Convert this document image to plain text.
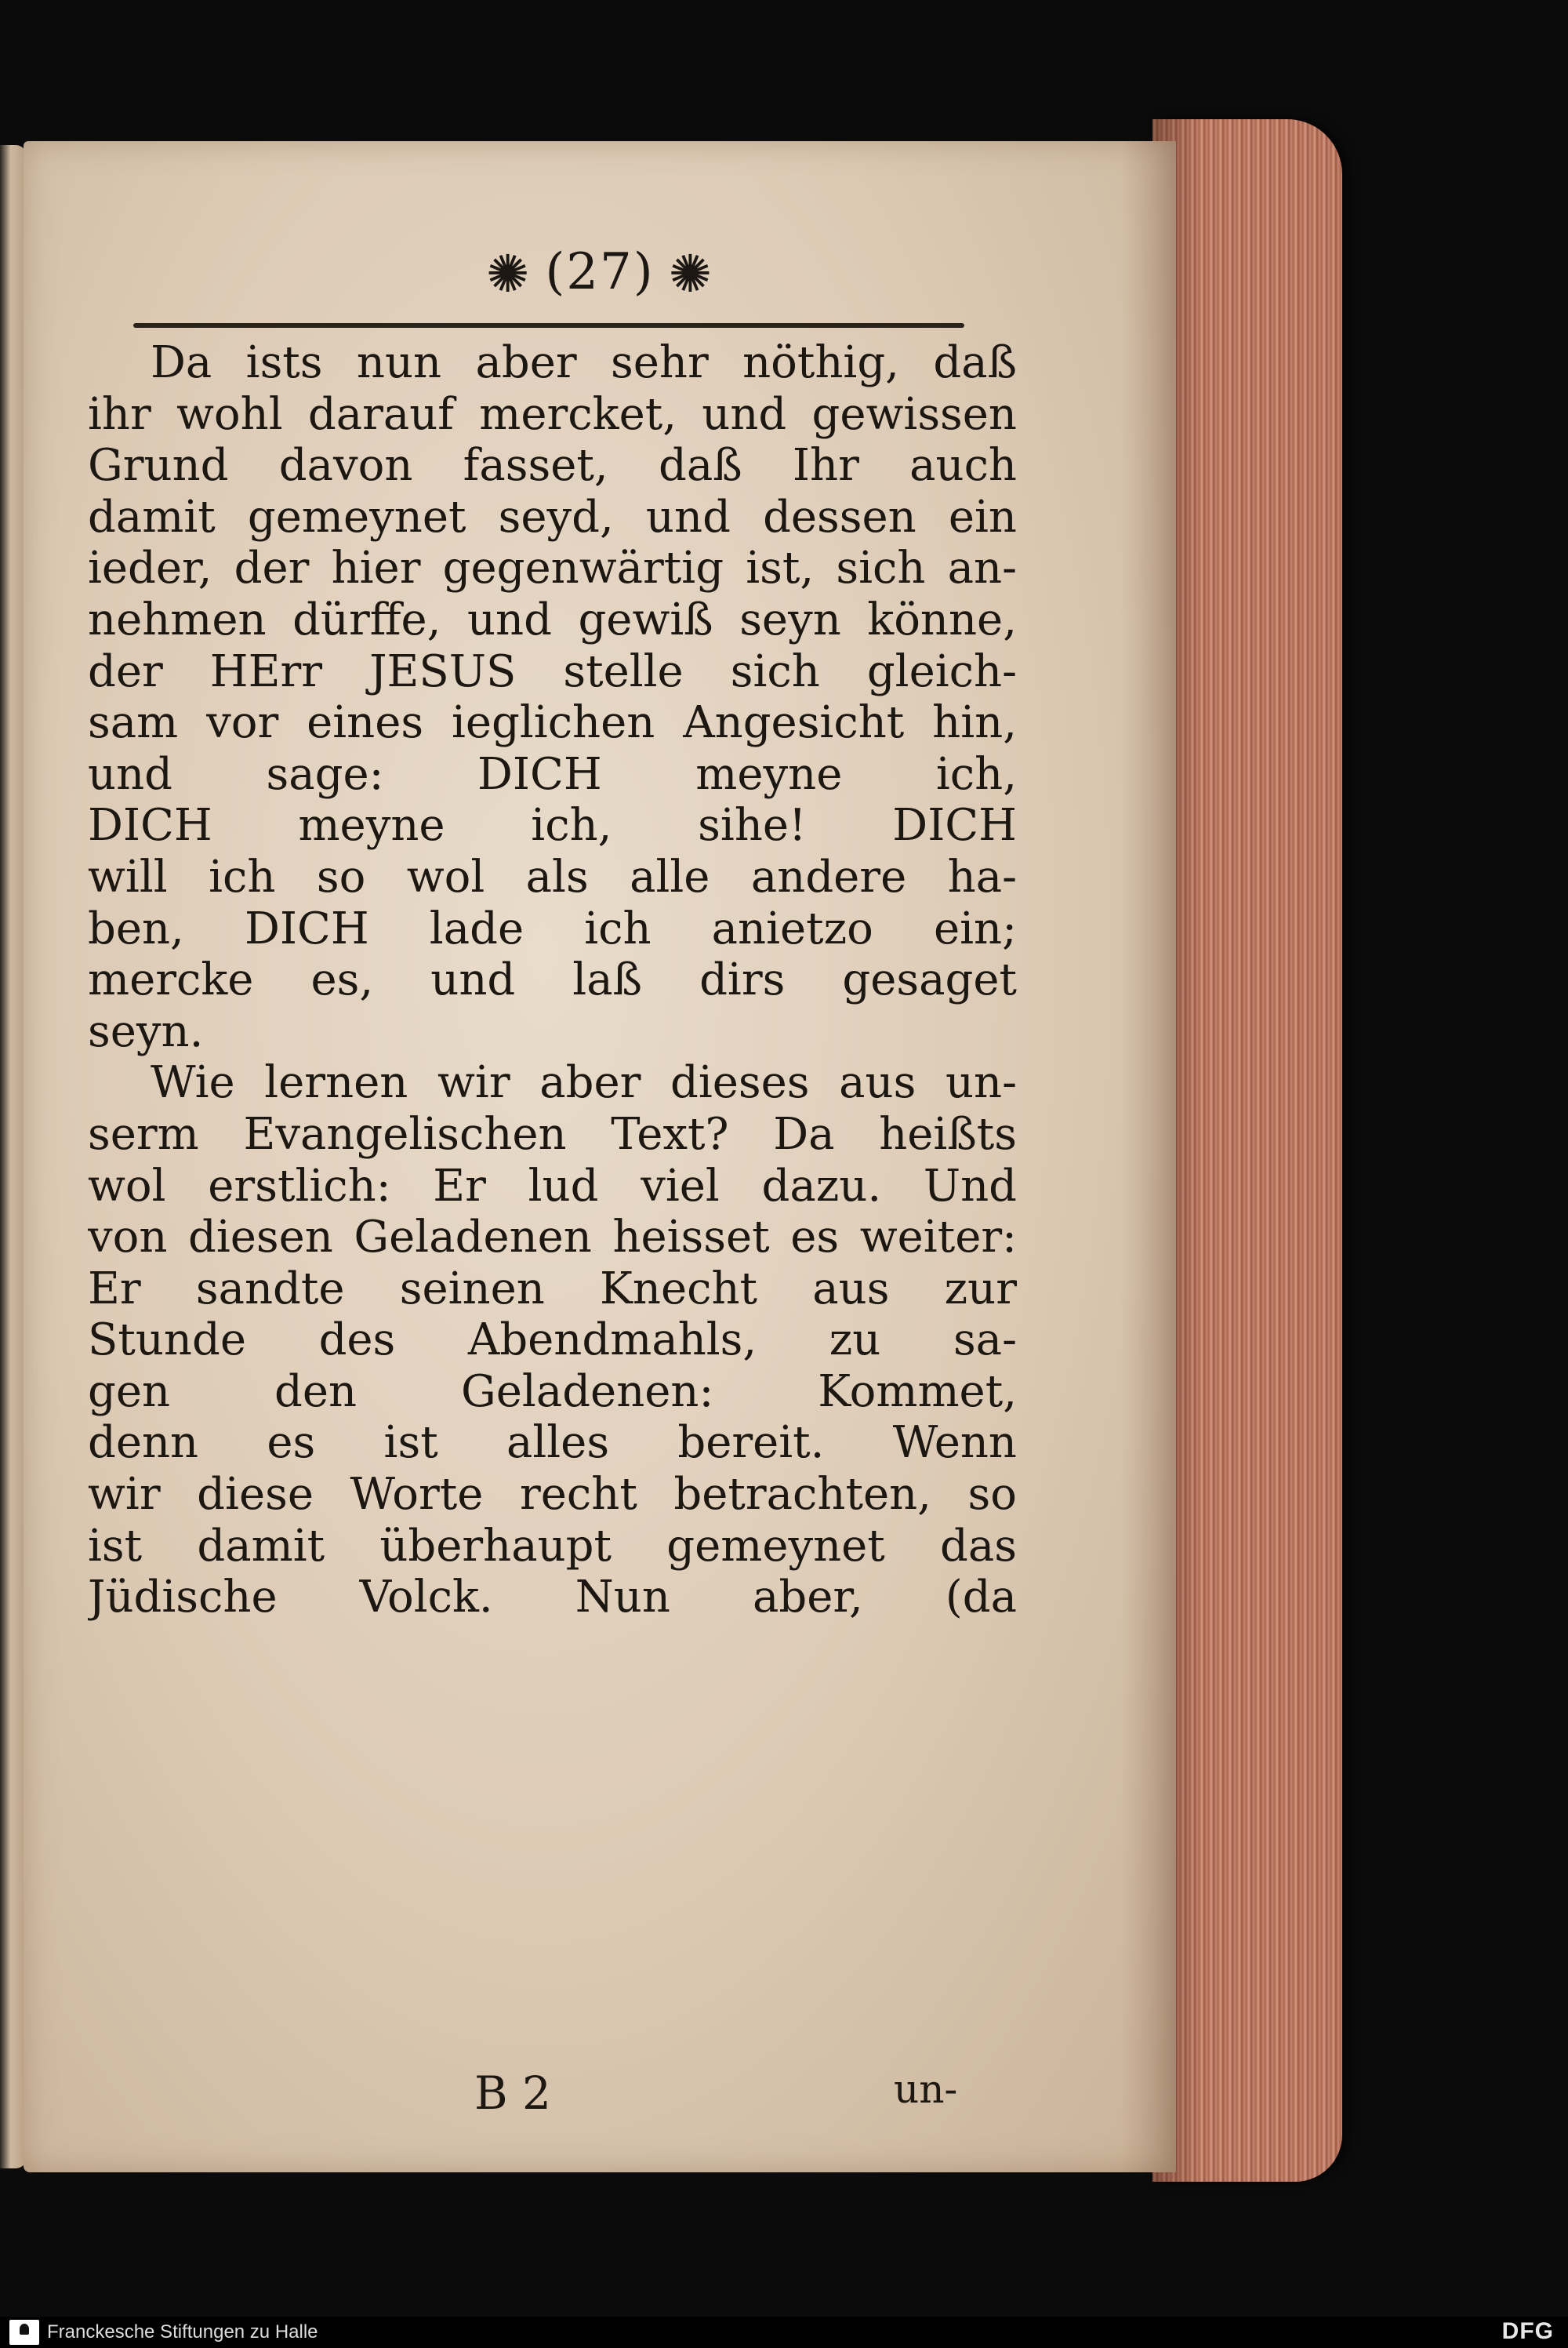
✺ (27) ✺
Da ists nun aber sehr nöthig, daß
ihr wohl darauf mercket, und gewissen
Grund davon fasset, daß Ihr auch
damit gemeynet seyd, und dessen ein
ieder, der hier gegenwärtig ist, sich an-
nehmen dürffe, und gewiß seyn könne,
der HErr JESUS stelle sich gleich-
sam vor eines ieglichen Angesicht hin,
und sage: DICH meyne ich,
DICH meyne ich, sihe! DICH
will ich so wol als alle andere ha-
ben, DICH lade ich anietzo ein;
mercke es, und laß dirs gesaget
seyn.
Wie lernen wir aber dieses aus un-
serm Evangelischen Text? Da heißts
wol erstlich: Er lud viel dazu. Und
von diesen Geladenen heisset es weiter:
Er sandte seinen Knecht aus zur
Stunde des Abendmahls, zu sa-
gen den Geladenen: Kommet,
denn es ist alles bereit. Wenn
wir diese Worte recht betrachten, so
ist damit überhaupt gemeynet das
Jüdische Volck. Nun aber, (da
B 2	un-
Franckesche Stiftungen zu Halle	DFG
